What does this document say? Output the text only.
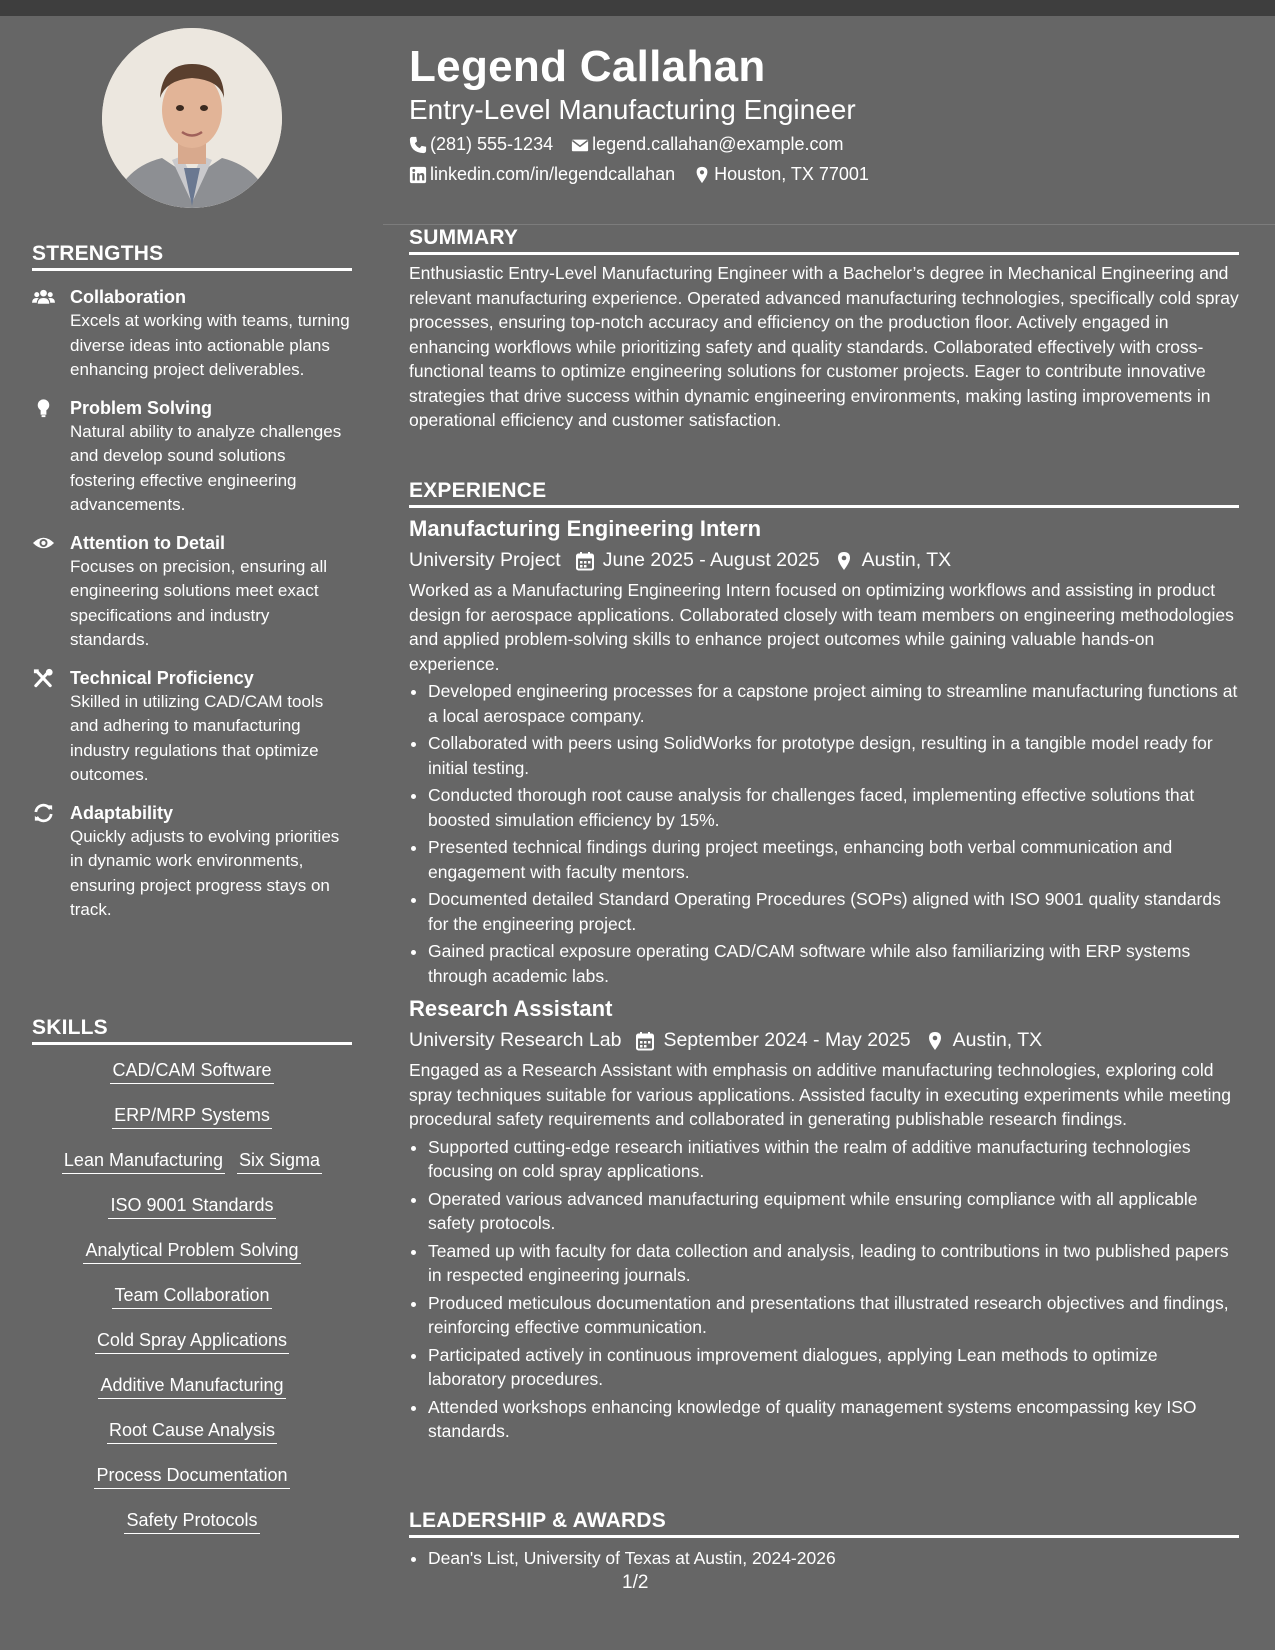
STRENGTHS
Collaboration
Excels at working with teams, turning diverse ideas into actionable plans enhancing project deliverables.
Problem Solving
Natural ability to analyze challenges and develop sound solutions fostering effective engineering advancements.
Attention to Detail
Focuses on precision, ensuring all engineering solutions meet exact specifications and industry standards.
Technical Proficiency
Skilled in utilizing CAD/CAM tools and adhering to manufacturing industry regulations that optimize outcomes.
Adaptability
Quickly adjusts to evolving priorities in dynamic work environments, ensuring project progress stays on track.
SKILLS
CAD/CAM Software
ERP/MRP Systems
Lean Manufacturing Six Sigma
ISO 9001 Standards
Analytical Problem Solving
Team Collaboration
Cold Spray Applications
Additive Manufacturing
Root Cause Analysis
Process Documentation
Safety Protocols
Legend Callahan
Entry-Level Manufacturing Engineer
(281) 555-1234 legend.callahan@example.com
linkedin.com/in/legendcallahan Houston, TX 77001
SUMMARY
Enthusiastic Entry-Level Manufacturing Engineer with a Bachelor’s degree in Mechanical Engineering and relevant manufacturing experience. Operated advanced manufacturing technologies, specifically cold spray processes, ensuring top-notch accuracy and efficiency on the production floor. Actively engaged in enhancing workflows while prioritizing safety and quality standards. Collaborated effectively with cross-functional teams to optimize engineering solutions for customer projects. Eager to contribute innovative strategies that drive success within dynamic engineering environments, making lasting improvements in operational efficiency and customer satisfaction.
EXPERIENCE
Manufacturing Engineering Intern
University Project June 2025 - August 2025 Austin, TX
Worked as a Manufacturing Engineering Intern focused on optimizing workflows and assisting in product design for aerospace applications. Collaborated closely with team members on engineering methodologies and applied problem-solving skills to enhance project outcomes while gaining valuable hands-on experience.
• Developed engineering processes for a capstone project aiming to streamline manufacturing functions at a local aerospace company.
• Collaborated with peers using SolidWorks for prototype design, resulting in a tangible model ready for initial testing.
• Conducted thorough root cause analysis for challenges faced, implementing effective solutions that boosted simulation efficiency by 15%.
• Presented technical findings during project meetings, enhancing both verbal communication and engagement with faculty mentors.
• Documented detailed Standard Operating Procedures (SOPs) aligned with ISO 9001 quality standards for the engineering project.
• Gained practical exposure operating CAD/CAM software while also familiarizing with ERP systems through academic labs.
Research Assistant
University Research Lab September 2024 - May 2025 Austin, TX
Engaged as a Research Assistant with emphasis on additive manufacturing technologies, exploring cold spray techniques suitable for various applications. Assisted faculty in executing experiments while meeting procedural safety requirements and collaborated in generating publishable research findings.
• Supported cutting-edge research initiatives within the realm of additive manufacturing technologies focusing on cold spray applications.
• Operated various advanced manufacturing equipment while ensuring compliance with all applicable safety protocols.
• Teamed up with faculty for data collection and analysis, leading to contributions in two published papers in respected engineering journals.
• Produced meticulous documentation and presentations that illustrated research objectives and findings, reinforcing effective communication.
• Participated actively in continuous improvement dialogues, applying Lean methods to optimize laboratory procedures.
• Attended workshops enhancing knowledge of quality management systems encompassing key ISO standards.
LEADERSHIP & AWARDS
• Dean's List, University of Texas at Austin, 2024-2026
1/2
